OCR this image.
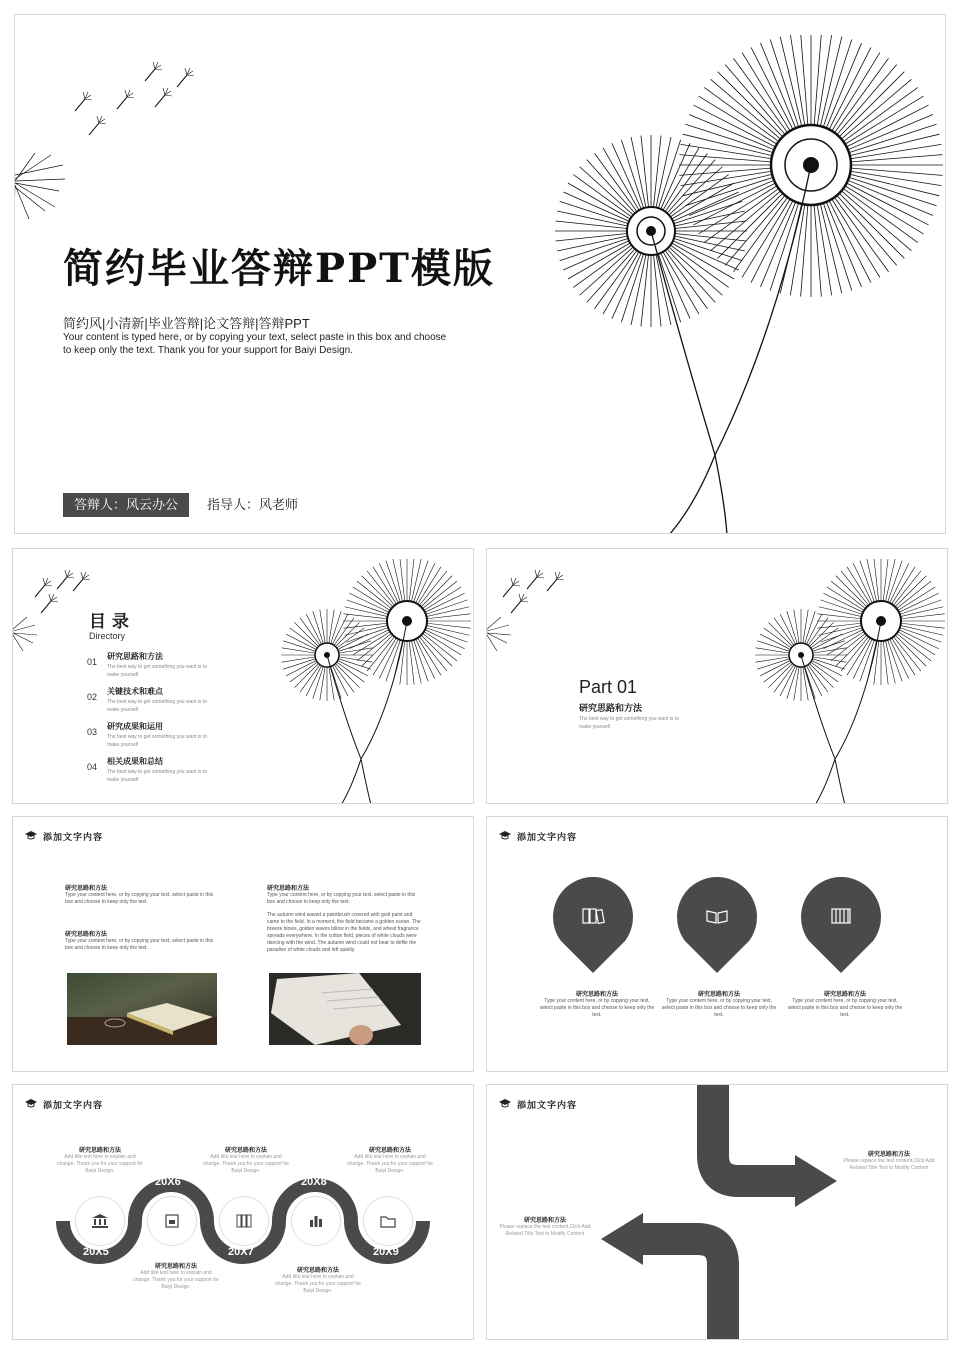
简约毕业答辩PPT模版
简约风|小清新|毕业答辩|论文答辩|答辩PPT
Your content is typed here, or by copying your text, select paste in this box and choose to keep only the text. Thank you for your support for Baiyi Design.
答辩人：风云办公	指导人：风老师
目 录
Directory
01
研究思路和方法
The best way to get something you want is to make yourself
02
关键技术和难点
The best way to get something you want is to make yourself
03
研究成果和运用
The best way to get something you want is to make yourself
04
相关成果和总结
The best way to get something you want is to make yourself
Part 01
研究思路和方法
The best way to get something you want is to make yourself
添加文字内容
研究思路和方法
Type your content here, or by copying your text, select paste in this box and choose to keep only the text.
研究思路和方法
Type your content here, or by copying your text, select paste in this box and choose to keep only the text.
研究思路和方法
Type your content here, or by copying your text, select paste in this box and choose to keep only the text.
The autumn wind waved a paintbrush covered with gold paint and came to the field. In a moment, the field became a golden ocean. The breeze blows, golden waves billow in the fields, and wheat fragrance spreads everywhere. In the cotton field, pieces of white clouds were dancing with the wind. The autumn wind could not bear to defile the paradise of white clouds and left quietly.
添加文字内容
研究思路和方法
Type your content here, or by copying your text, select paste in this box and choose to keep only the text.
研究思路和方法
Type your content here, or by copying your text, select paste in this box and choose to keep only the text.
研究思路和方法
Type your content here, or by copying your text, select paste in this box and choose to keep only the text.
添加文字内容
20X5
20X6
20X7
20X8
20X9
研究思路和方法
Add title text here to explain and change. Thank you for your support for Baiyi Design.
研究思路和方法
Add title text here to explain and change. Thank you for your support for Baiyi Design.
研究思路和方法
Add title text here to explain and change. Thank you for your support for Baiyi Design.
研究思路和方法
Add title text here to explain and change. Thank you for your support for Baiyi Design.
研究思路和方法
Add title text here to explain and change. Thank you for your support for Baiyi Design.
添加文字内容
研究思路和方法
Please replace the text content,Click Add Related Title Text to Modify Content
研究思路和方法
Please replace the text content,Click Add Related Title Text to Modify Content
